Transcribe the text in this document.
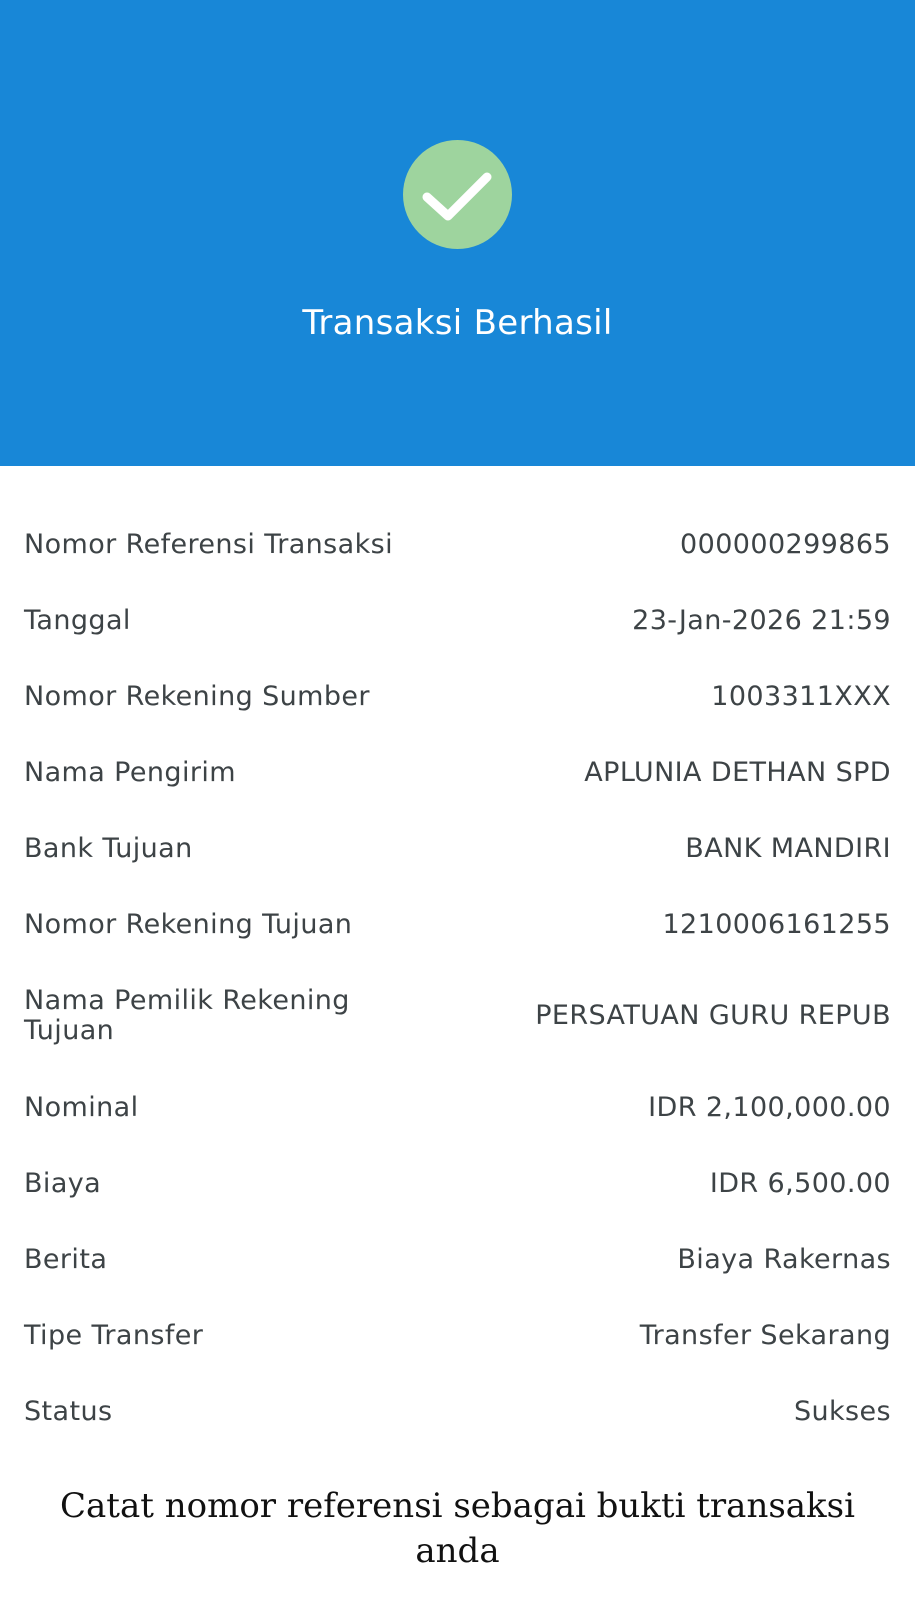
Transaksi Berhasil
Nomor Referensi Transaksi	000000299865
Tanggal	23-Jan-2026 21:59
Nomor Rekening Sumber	1003311XXX
Nama Pengirim	APLUNIA DETHAN SPD
Bank Tujuan	BANK MANDIRI
Nomor Rekening Tujuan	1210006161255
Nama Pemilik Rekening Tujuan	PERSATUAN GURU REPUB
Nominal	IDR 2,100,000.00
Biaya	IDR 6,500.00
Berita	Biaya Rakernas
Tipe Transfer	Transfer Sekarang
Status	Sukses
Catat nomor referensi sebagai bukti transaksi anda
